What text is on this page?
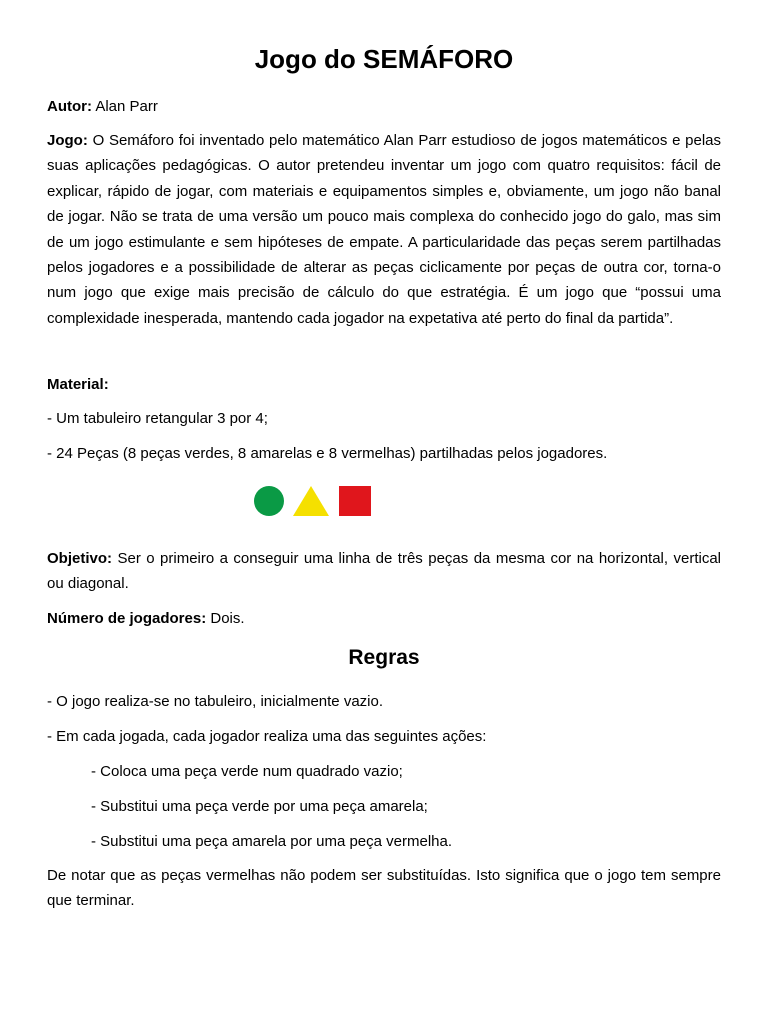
Jogo do SEMÁFORO

Autor: Alan Parr

Jogo: O Semáforo foi inventado pelo matemático Alan Parr estudioso de jogos matemáticos e pelas suas aplicações pedagógicas. O autor pretendeu inventar um jogo com quatro requisitos: fácil de explicar, rápido de jogar, com materiais e equipamentos simples e, obviamente, um jogo não banal de jogar. Não se trata de uma versão um pouco mais complexa do conhecido jogo do galo, mas sim de um jogo estimulante e sem hipóteses de empate. A particularidade das peças serem partilhadas pelos jogadores e a possibilidade de alterar as peças ciclicamente por peças de outra cor, torna-o num jogo que exige mais precisão de cálculo do que estratégia. É um jogo que “possui uma complexidade inesperada, mantendo cada jogador na expetativa até perto do final da partida”.

Material:

- Um tabuleiro retangular 3 por 4;

- 24 Peças (8 peças verdes, 8 amarelas e 8 vermelhas) partilhadas pelos jogadores.

Objetivo: Ser o primeiro a conseguir uma linha de três peças da mesma cor na horizontal, vertical ou diagonal.

Número de jogadores: Dois.

Regras

- O jogo realiza-se no tabuleiro, inicialmente vazio.

- Em cada jogada, cada jogador realiza uma das seguintes ações:

- Coloca uma peça verde num quadrado vazio;

- Substitui uma peça verde por uma peça amarela;

- Substitui uma peça amarela por uma peça vermelha.

De notar que as peças vermelhas não podem ser substituídas. Isto significa que o jogo tem sempre que terminar.
